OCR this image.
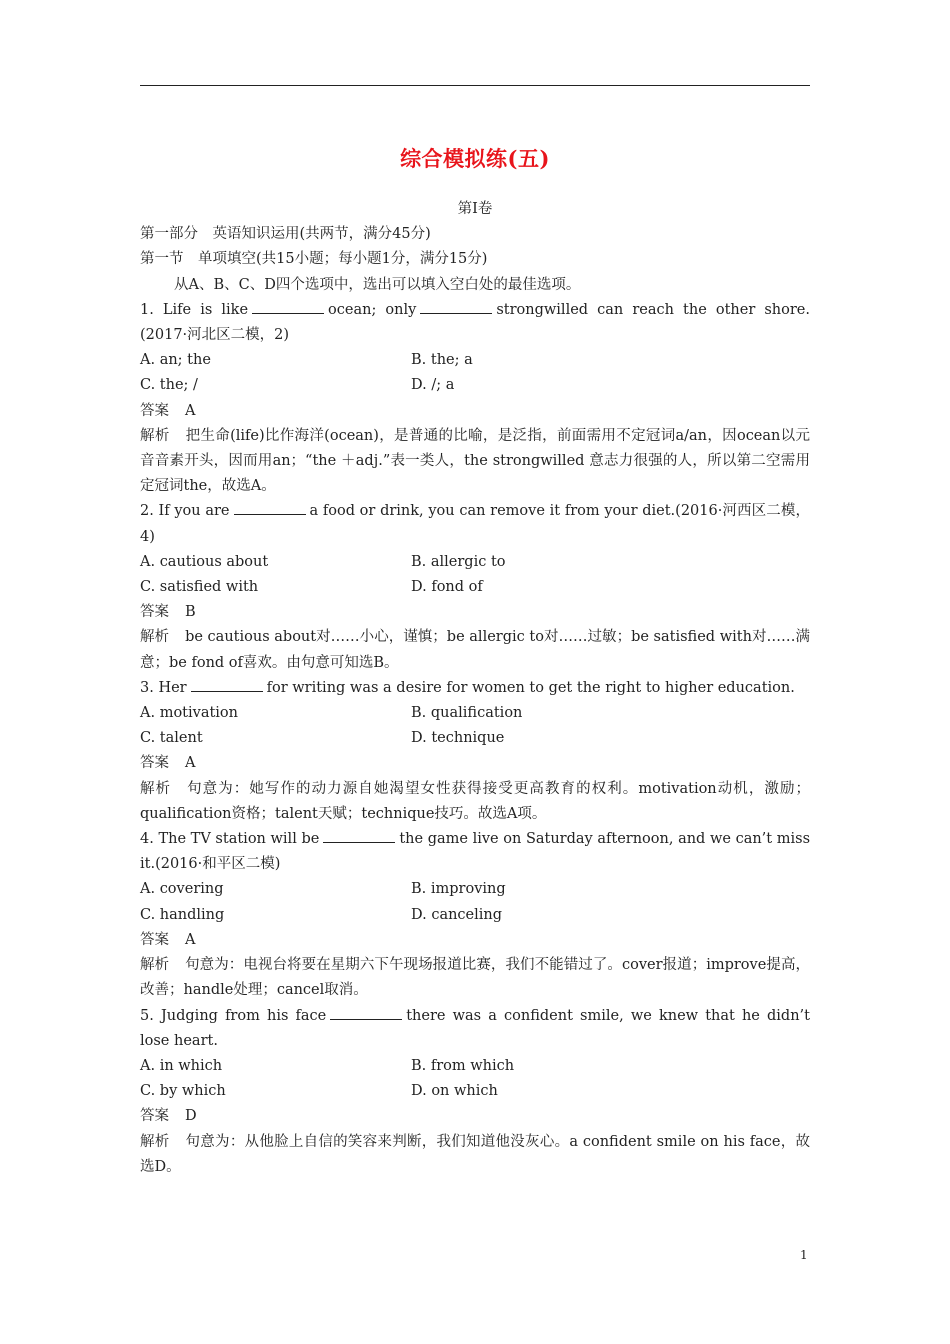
综合模拟练(五)
第Ⅰ卷
第一部分　英语知识运用(共两节，满分45分)
第一节　单项填空(共15小题；每小题1分，满分15分)
从A、B、C、D四个选项中，选出可以填入空白处的最佳选项。
1. Life is like	ocean; only	strongwilled can reach the other shore.(2017·河北区二模，2)
A. an; the	B. the; a
C. the; /	D. /; a
答案 A
解析 把生命(life)比作海洋(ocean)，是普通的比喻，是泛指，前面需用不定冠词a/an，因ocean以元音音素开头，因而用an；“the ＋adj.”表一类人，the strongwilled 意志力很强的人，所以第二空需用定冠词the，故选A。
2. If you are	a food or drink, you can remove it from your diet.(2016·河西区二模，4)
A. cautious about	B. allergic to
C. satisfied with	D. fond of
答案 B
解析 be cautious about对……小心，谨慎；be allergic to对……过敏；be satisfied with对……满意；be fond of喜欢。由句意可知选B。
3. Her	for writing was a desire for women to get the right to higher education.
A. motivation	B. qualification
C. talent	D. technique
答案 A
解析 句意为：她写作的动力源自她渴望女性获得接受更高教育的权利。motivation动机，激励；qualification资格；talent天赋；technique技巧。故选A项。
4. The TV station will be	the game live on Saturday afternoon, and we can’t miss it.(2016·和平区二模)
A. covering	B. improving
C. handling	D. canceling
答案 A
解析 句意为：电视台将要在星期六下午现场报道比赛，我们不能错过了。cover报道；improve提高，改善；handle处理；cancel取消。
5. Judging from his face	there was a confident smile, we knew that he didn’t lose heart.
A. in which	B. from which
C. by which	D. on which
答案 D
解析 句意为：从他脸上自信的笑容来判断，我们知道他没灰心。a confident smile on his face，故选D。
1
